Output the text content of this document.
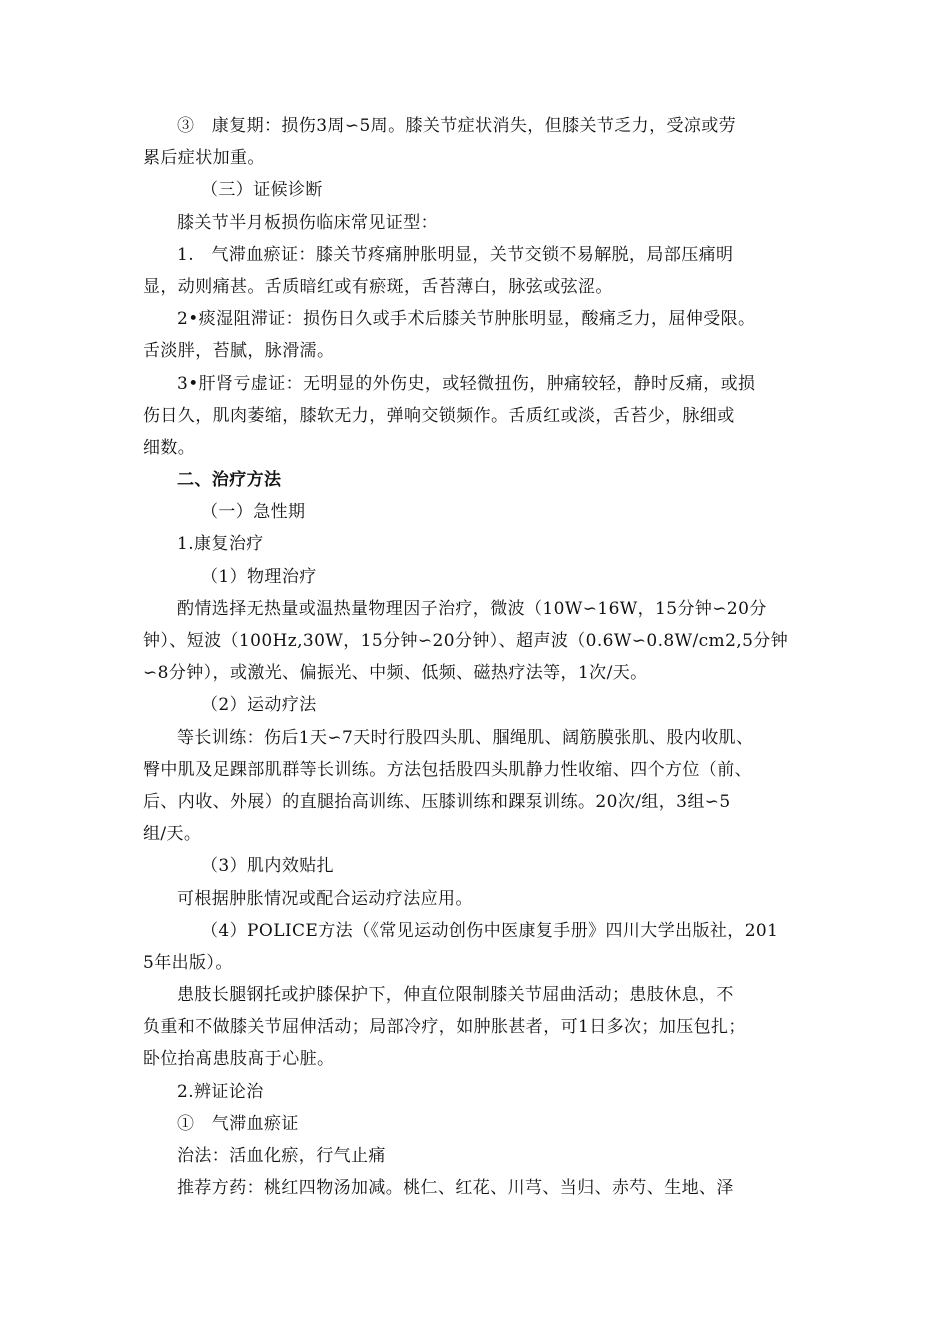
③　康复期：损伤3周∽5周。膝关节症状消失，但膝关节乏力，受凉或劳
累后症状加重。
（三）证候诊断
膝关节半月板损伤临床常见证型：
1.　气滞血瘀证：膝关节疼痛肿胀明显，关节交锁不易解脱，局部压痛明
显，动则痛甚。舌质暗红或有瘀斑，舌苔薄白，脉弦或弦涩。
2•痰湿阻滞证：损伤日久或手术后膝关节肿胀明显，酸痛乏力，屈伸受限。
舌淡胖，苔腻，脉滑濡。
3•肝肾亏虚证：无明显的外伤史，或轻微扭伤，肿痛较轻，静时反痛，或损
伤日久，肌肉萎缩，膝软无力，弹响交锁频作。舌质红或淡，舌苔少，脉细或
细数。
二、治疗方法
（一）急性期
1.康复治疗
（1）物理治疗
酌情选择无热量或温热量物理因子治疗，微波（10W∽16W，15分钟∽20分
钟）、短波（100Hz,30W，15分钟∽20分钟）、超声波（0.6W∽0.8W/cm2,5分钟
∽8分钟），或激光、偏振光、中频、低频、磁热疗法等，1次/天。
（2）运动疗法
等长训练：伤后1天∽7天时行股四头肌、腘绳肌、阔筋膜张肌、股内收肌、
臀中肌及足踝部肌群等长训练。方法包括股四头肌静力性收缩、四个方位（前、
后、内收、外展）的直腿抬高训练、压膝训练和踝泵训练。20次/组，3组∽5
组/天。
（3）肌内效贴扎
可根据肿胀情况或配合运动疗法应用。
（4）POLICE方法（《常见运动创伤中医康复手册》四川大学出版社，201
5年出版）。
患肢长腿钢托或护膝保护下，伸直位限制膝关节屈曲活动；患肢休息，不
负重和不做膝关节屈伸活动；局部冷疗，如肿胀甚者，可1日多次；加压包扎；
卧位抬髙患肢髙于心脏。
2.辨证论治
①　气滞血瘀证
治法：活血化瘀，行气止痛
推荐方药：桃红四物汤加减。桃仁、红花、川芎、当归、赤芍、生地、泽
